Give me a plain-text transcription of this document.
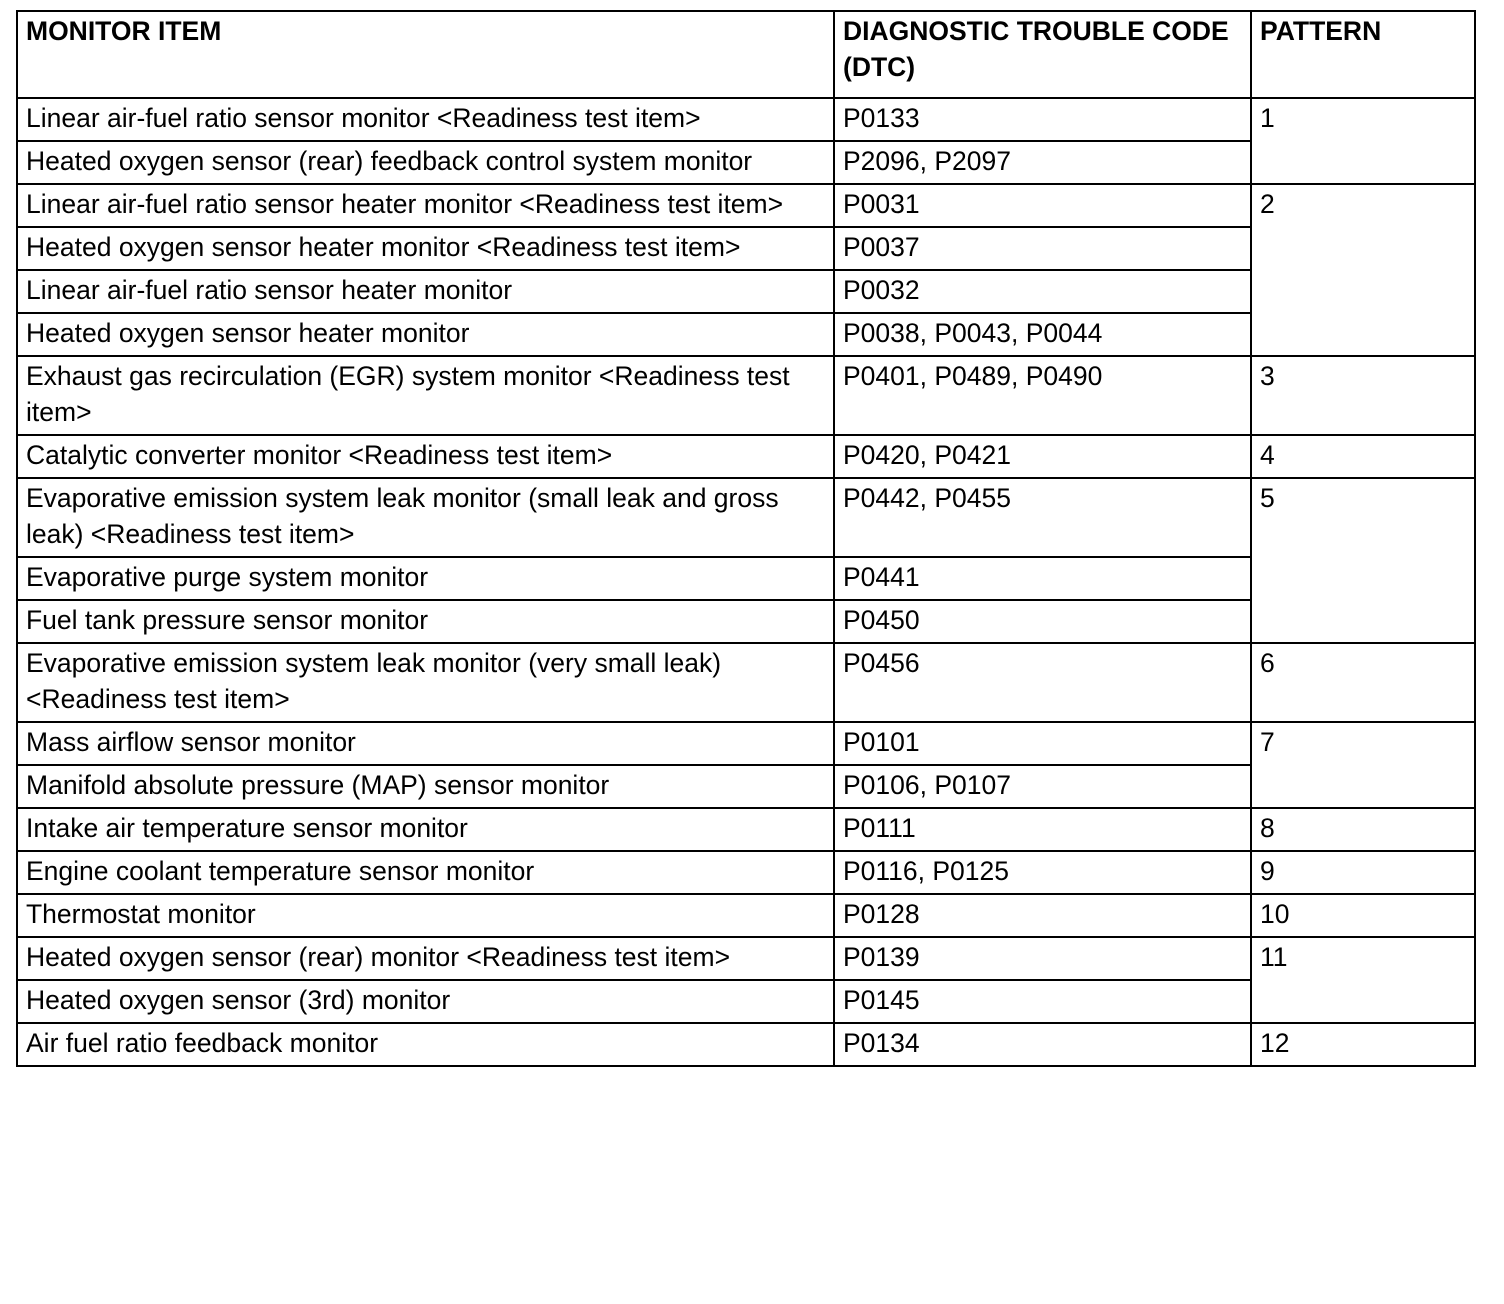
MONITOR ITEM	DIAGNOSTIC TROUBLE CODE (DTC)	PATTERN
Linear air-fuel ratio sensor monitor <Readiness test item>	P0133	1
Heated oxygen sensor (rear) feedback control system monitor	P2096, P2097	
Linear air-fuel ratio sensor heater monitor <Readiness test item>	P0031	2
Heated oxygen sensor heater monitor <Readiness test item>	P0037	
Linear air-fuel ratio sensor heater monitor	P0032	
Heated oxygen sensor heater monitor	P0038, P0043, P0044	
Exhaust gas recirculation (EGR) system monitor <Readiness test item>	P0401, P0489, P0490	3
Catalytic converter monitor <Readiness test item>	P0420, P0421	4
Evaporative emission system leak monitor (small leak and gross leak) <Readiness test item>	P0442, P0455	5
Evaporative purge system monitor	P0441	
Fuel tank pressure sensor monitor	P0450	
Evaporative emission system leak monitor (very small leak) <Readiness test item>	P0456	6
Mass airflow sensor monitor	P0101	7
Manifold absolute pressure (MAP) sensor monitor	P0106, P0107	
Intake air temperature sensor monitor	P0111	8
Engine coolant temperature sensor monitor	P0116, P0125	9
Thermostat monitor	P0128	10
Heated oxygen sensor (rear) monitor <Readiness test item>	P0139	11
Heated oxygen sensor (3rd) monitor	P0145	
Air fuel ratio feedback monitor	P0134	12
